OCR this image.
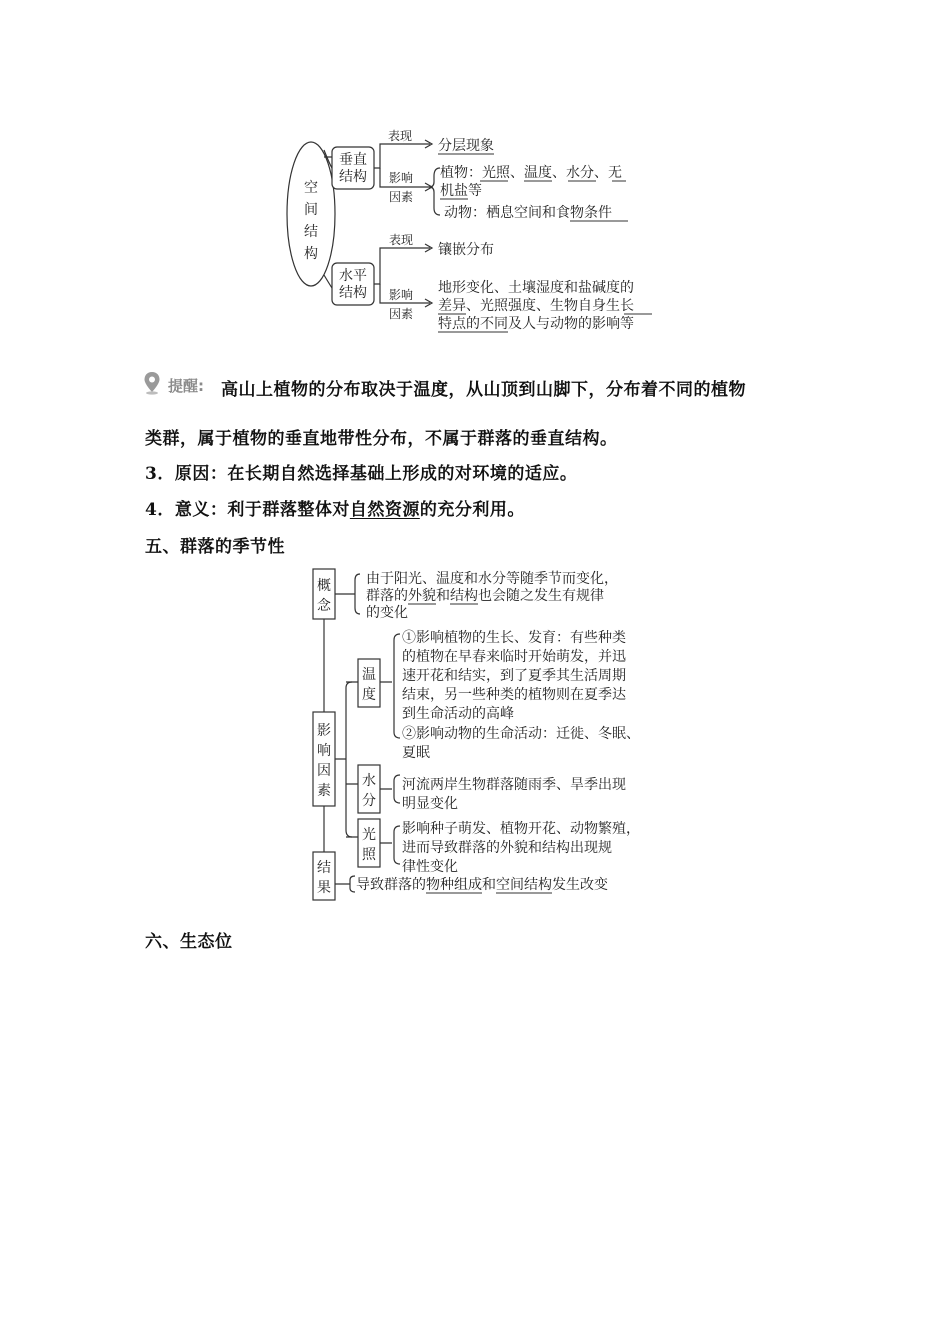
空
间
结
构
垂直
结构
水平
结构
表现
影响
因素
分层现象
植物：光照、温度、水分、无
机盐等
动物：栖息空间和食物条件
表现
影响
因素
镶嵌分布
地形变化、土壤湿度和盐碱度的
差异、光照强度、生物自身生长
特点的不同及人与动物的影响等
提醒: 高山上植物的分布取决于温度，从山顶到山脚下，分布着不同的植物
类群，属于植物的垂直地带性分布，不属于群落的垂直结构。
3．原因：在长期自然选择基础上形成的对环境的适应。
4．意义：利于群落整体对自然资源的充分利用。
五、群落的季节性
概
念
由于阳光、温度和水分等随季节而变化，
群落的外貌和结构也会随之发生有规律
的变化
影
响
因
素
温
度
①影响植物的生长、发育：有些种类
的植物在早春来临时开始萌发，并迅
速开花和结实，到了夏季其生活周期
结束，另一些种类的植物则在夏季达
到生命活动的高峰
②影响动物的生命活动：迁徙、冬眠、
夏眠
水
分
河流两岸生物群落随雨季、旱季出现
明显变化
光
照
影响种子萌发、植物开花、动物繁殖，
进而导致群落的外貌和结构出现规
律性变化
结
果 导致群落的物种组成和空间结构发生改变
六、生态位
